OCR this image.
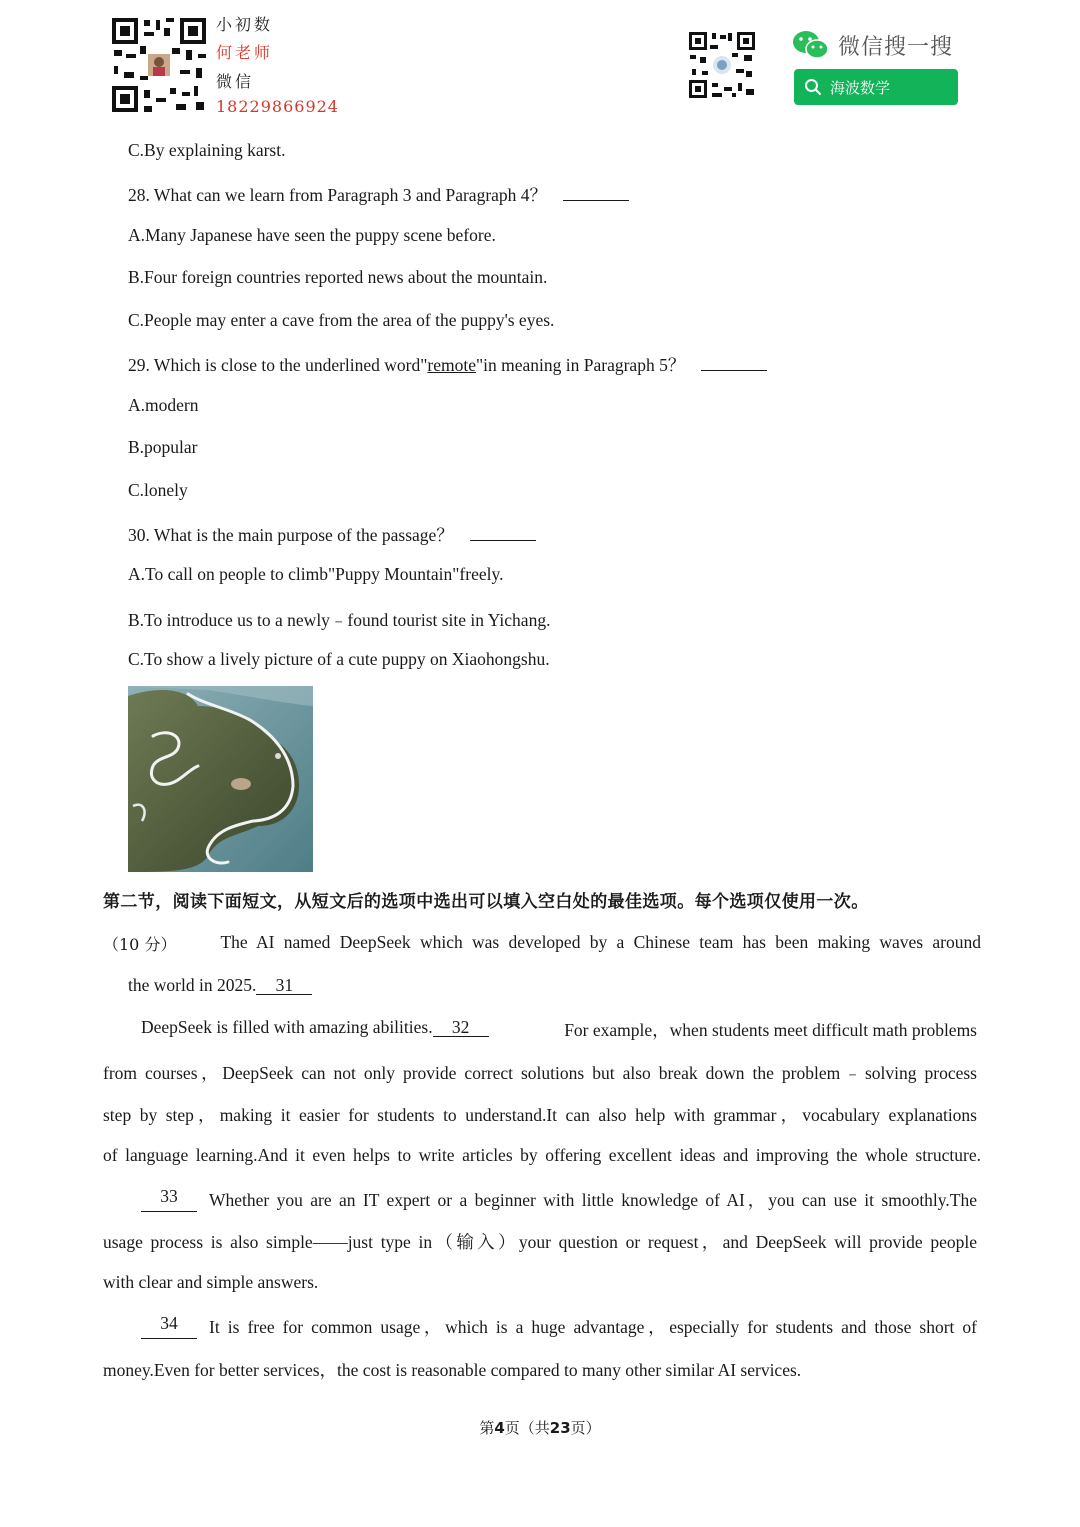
小初数
何老师
微信
18229866924
微信搜一搜
海波数学
C.By explaining karst.
28. What can we learn from Paragraph 3 and Paragraph 4？
A.Many Japanese have seen the puppy scene before.
B.Four foreign countries reported news about the mountain.
C.People may enter a cave from the area of the puppy's eyes.
29. Which is close to the underlined word"remote"in meaning in Paragraph 5？
A.modern
B.popular
C.lonely
30. What is the main purpose of the passage？
A.To call on people to climb"Puppy Mountain"freely.
B.To introduce us to a newly﹣found tourist site in Yichang.
C.To show a lively picture of a cute puppy on Xiaohongshu.
第二节，阅读下面短文，从短文后的选项中选出可以填入空白处的最佳选项。每个选项仅使用一次。
（10 分）	The AI named DeepSeek which was developed by a Chinese team has been making waves around
the world in 2025. 31
DeepSeek is filled with amazing abilities. 32	For example，when students meet difficult math problems
from courses，DeepSeek can not only provide correct solutions but also break down the problem﹣solving process
step by step，making it easier for students to understand.It can also help with grammar，vocabulary explanations
of language learning.And it even helps to write articles by offering excellent ideas and improving the whole structure.
33	Whether you are an IT expert or a beginner with little knowledge of AI，you can use it smoothly.The
usage process is also simple——just type in（输入）your question or request，and DeepSeek will provide people
with clear and simple answers.
34	It is free for common usage，which is a huge advantage，especially for students and those short of
money.Even for better services，the cost is reasonable compared to many other similar AI services.
第4页（共23页）
